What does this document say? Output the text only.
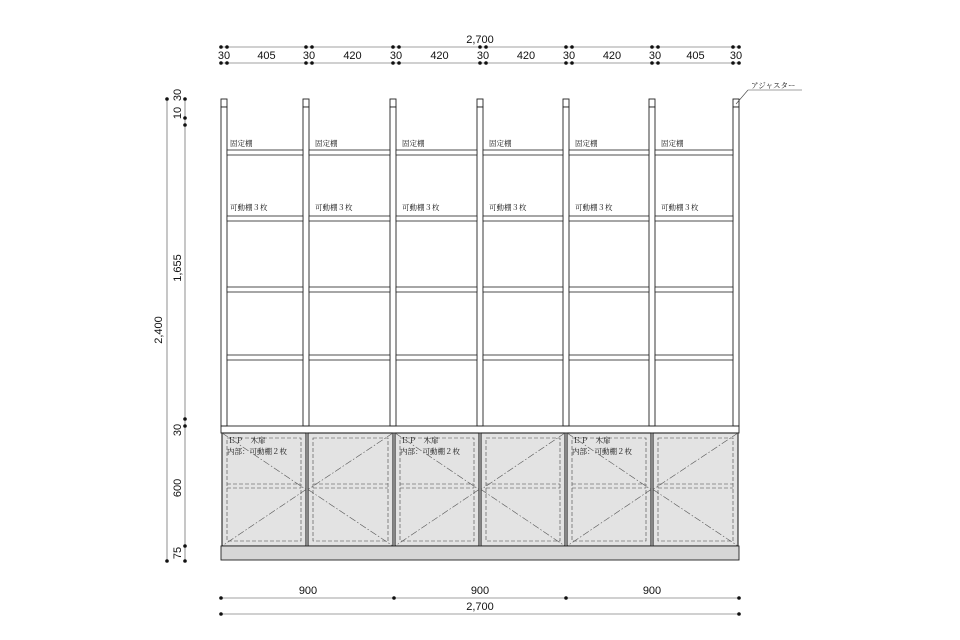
2,700
30 405 30	420	30	420	30	420	30	420	30 405 30
2,400
10
30
1,655
30
600
75
900	900	900
2,700
固定棚
可動棚３枚
固定棚
可動棚３枚
固定棚
可動棚３枚
固定棚
可動棚３枚
固定棚
可動棚３枚
固定棚
可動棚３枚
アジャスター
ＥＰ　木扉
内部：可動棚２枚
ＥＰ　木扉
内部：可動棚２枚
ＥＰ　木扉
内部：可動棚２枚
